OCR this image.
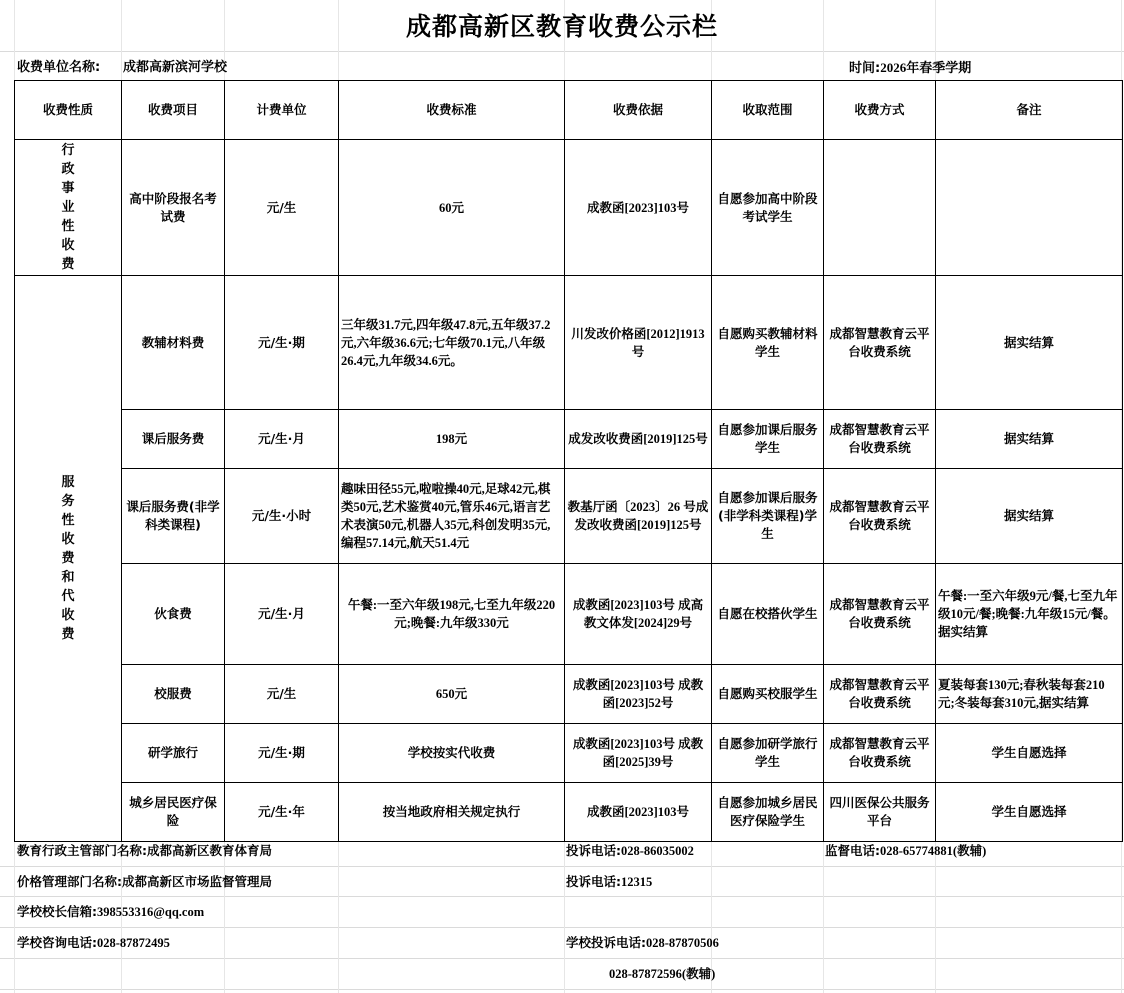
成都高新区教育收费公示栏
收费单位名称: 成都高新滨河学校	时间:2026年春季学期
收费性质	收费项目	计费单位	收费标准	收费依据	收取范围	收费方式	备注
行政事业性收费	高中阶段报名考试费	元/生	60元	成教函[2023]103号	自愿参加高中阶段考试学生		
服务性收费和代收费	教辅材料费	元/生·期	三年级31.7元,四年级47.8元,五年级37.2元,六年级36.6元;七年级70.1元,八年级26.4元,九年级34.6元。	川发改价格函[2012]1913号	自愿购买教辅材料学生	成都智慧教育云平台收费系统	据实结算
	课后服务费	元/生·月	198元	成发改收费函[2019]125号	自愿参加课后服务学生	成都智慧教育云平台收费系统	据实结算
	课后服务费(非学科类课程)	元/生·小时	趣味田径55元,啦啦操40元,足球42元,棋类50元,艺术鉴赏40元,管乐46元,语言艺术表演50元,机器人35元,科创发明35元,编程57.14元,航天51.4元	教基厅函〔2023〕26 号成发改收费函[2019]125号	自愿参加课后服务(非学科类课程)学生	成都智慧教育云平台收费系统	据实结算
	伙食费	元/生·月	午餐:一至六年级198元,七至九年级220元;晚餐:九年级330元	成教函[2023]103号 成高教文体发[2024]29号	自愿在校搭伙学生	成都智慧教育云平台收费系统	午餐:一至六年级9元/餐,七至九年级10元/餐;晚餐:九年级15元/餐。据实结算
	校服费	元/生	650元	成教函[2023]103号 成教函[2023]52号	自愿购买校服学生	成都智慧教育云平台收费系统	夏装每套130元;春秋装每套210元;冬装每套310元,据实结算
	研学旅行	元/生·期	学校按实代收费	成教函[2023]103号 成教函[2025]39号	自愿参加研学旅行学生	成都智慧教育云平台收费系统	学生自愿选择
	城乡居民医疗保险	元/生·年	按当地政府相关规定执行	成教函[2023]103号	自愿参加城乡居民医疗保险学生	四川医保公共服务平台	学生自愿选择
教育行政主管部门名称:成都高新区教育体育局	投诉电话:028-86035002	监督电话:028-65774881(教辅)
价格管理部门名称:成都高新区市场监督管理局	投诉电话:12315
学校校长信箱:398553316@qq.com
学校咨询电话:028-87872495	学校投诉电话:028-87870506
028-87872596(教辅)
